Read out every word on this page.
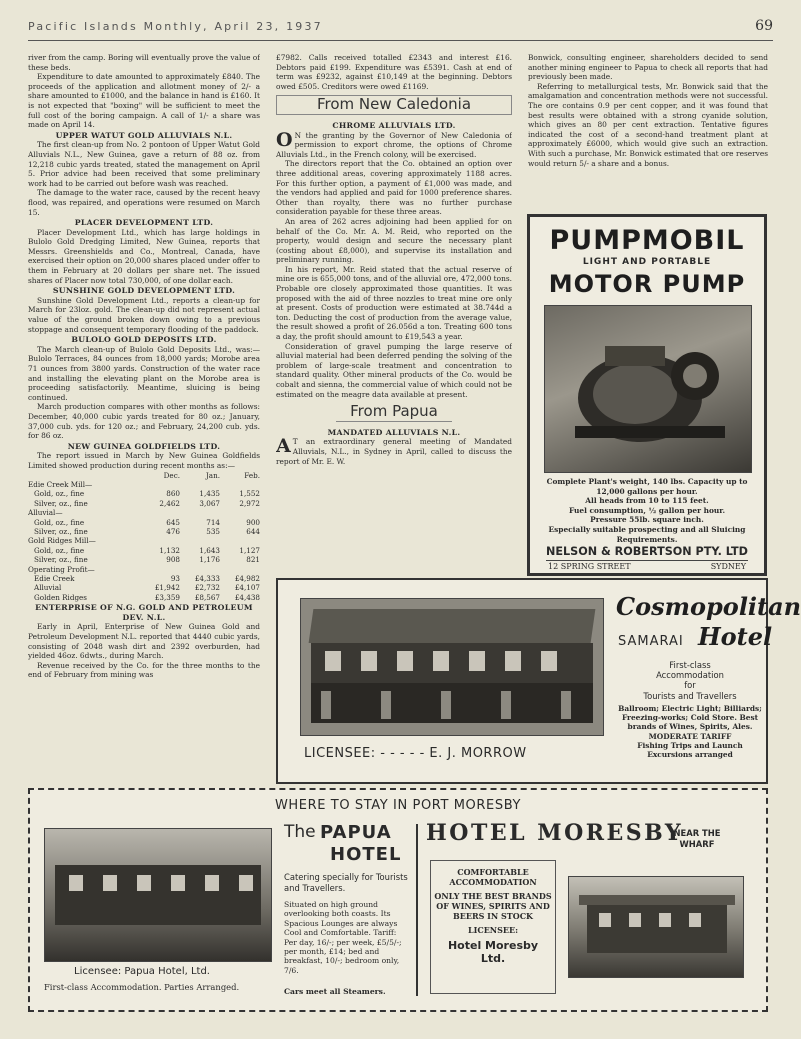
Pacific Islands Monthly, April 23, 1937	69

river from the camp. Boring will eventually prove the value of these beds.

Expenditure to date amounted to approximately £840. The proceeds of the application and allotment money of 2/- a share amounted to £1000, and the balance in hand is £160. It is not expected that "boxing" will be sufficient to meet the full cost of the boring campaign. A call of 1/- a share was made on April 14.

UPPER WATUT GOLD ALLUVIALS N.L.

The first clean-up from No. 2 pontoon of Upper Watut Gold Alluvials N.L., New Guinea, gave a return of 88 oz. from 12,218 cubic yards treated, stated the management on April 5. Prior advice had been received that some preliminary work had to be carried out before wash was reached.

The damage to the water race, caused by the recent heavy flood, was repaired, and operations were resumed on March 15.

PLACER DEVELOPMENT LTD.

Placer Development Ltd., which has large holdings in Bulolo Gold Dredging Limited, New Guinea, reports that Messrs. Greenshields and Co., Montreal, Canada, have exercised their option on 20,000 shares placed under offer to them in February at 20 dollars per share net. The issued shares of Placer now total 730,000, of one dollar each.

SUNSHINE GOLD DEVELOPMENT LTD.

Sunshine Gold Development Ltd., reports a clean-up for March for 23loz. gold. The clean-up did not represent actual value of the ground broken down owing to a previous stoppage and consequent temporary flooding of the paddock.

BULOLO GOLD DEPOSITS LTD.

The March clean-up of Bulolo Gold Deposits Ltd., was:—Bulolo Terraces, 84 ounces from 18,000 yards; Morobe area 71 ounces from 3800 yards. Construction of the water race and installing the elevating plant on the Morobe area is proceeding satisfactorily. Meantime, sluicing is being continued.

March production compares with other months as follows: December, 40,000 cubic yards treated for 80 oz.; January, 37,000 cub. yds. for 120 oz.; and February, 24,200 cub. yds. for 86 oz.

NEW GUINEA GOLDFIELDS LTD.

The report issued in March by New Guinea Goldfields Limited showed production during recent months as:—

	Dec.	Jan.	Feb.
Edie Creek Mill—			
Gold, oz., fine	860	1,435	1,552
Silver, oz., fine	2,462	3,067	2,972
Alluvial—			
Gold, oz., fine	645	714	900
Silver, oz., fine	476	535	644
Gold Ridges Mill—			
Gold, oz., fine	1,132	1,643	1,127
Silver, oz., fine	908	1,176	821
Operating Profit—			
Edie Creek	93	£4,333	£4,982
Alluvial	£1,942	£2,732	£4,107
Golden Ridges	£3,359	£8,567	£4,438
ENTERPRISE OF N.G. GOLD AND PETROLEUM DEV. N.L.

Early in April, Enterprise of New Guinea Gold and Petroleum Development N.L. reported that 4440 cubic yards, consisting of 2048 wash dirt and 2392 overburden, had yielded 46oz. 6dwts., during March.

Revenue received by the Co. for the three months to the end of February from mining was

£7982. Calls received totalled £2343 and interest £16. Debtors paid £199. Expenditure was £5391. Cash at end of term was £9232, against £10,149 at the beginning. Debtors owed £505. Creditors were owed £1169.

From New Caledonia
CHROME ALLUVIALS LTD.

O N the granting by the Governor of New Caledonia of permission to export chrome, the options of Chrome Alluvials Ltd., in the French colony, will be exercised.

The directors report that the Co. obtained an option over three additional areas, covering approximately 1188 acres. For this further option, a payment of £1,000 was made, and the vendors had applied and paid for 1000 preference shares. Other than royalty, there was no further purchase consideration payable for these three areas.

An area of 262 acres adjoining had been applied for on behalf of the Co. Mr. A. M. Reid, who reported on the property, would design and secure the necessary plant (costing about £8,000), and supervise its installation and preliminary running.

In his report, Mr. Reid stated that the actual reserve of mine ore is 655,000 tons, and of the alluvial ore, 472,000 tons. Probable ore closely approximated those quantities. It was proposed with the aid of three nozzles to treat mine ore only at present. Costs of production were estimated at 38.744d a ton. Deducting the cost of production from the average value, the result showed a profit of 26.056d a ton. Treating 600 tons a day, the profit should amount to £19,543 a year.

Consideration of gravel pumping the large reserve of alluvial material had been deferred pending the solving of the problem of large-scale treatment and concentration to standard quality. Other mineral products of the Co. would be cobalt and sienna, the commercial value of which could not be estimated on the meagre data available at present.

From Papua
MANDATED ALLUVIALS N.L.

A T an extraordinary general meeting of Mandated Alluvials, N.L., in Sydney in April, called to discuss the report of Mr. E. W.

Bonwick, consulting engineer, shareholders decided to send another mining engineer to Papua to check all reports that had previously been made.

Referring to metallurgical tests, Mr. Bonwick said that the amalgamation and concentration methods were not successful. The ore contains 0.9 per cent copper, and it was found that best results were obtained with a strong cyanide solution, which gives an 80 per cent extraction. Tentative figures indicated the cost of a second-hand treatment plant at approximately £6000, which would give such an extraction. With such a purchase, Mr. Bonwick estimated that ore reserves would return 5/- a share and a bonus.

PUMPMOBIL
LIGHT AND PORTABLE
MOTOR PUMP
Complete Plant's weight, 140 lbs. Capacity up to 12,000 gallons per hour.
All heads from 10 to 115 feet.
Fuel consumption, ½ gallon per hour.
Pressure 55lb. square inch.
Especially suitable prospecting and all Sluicing Requirements.
NELSON & ROBERTSON PTY. LTD
12 SPRING STREET	SYDNEY
LICENSEE: - - - - - E. J. MORROW
Cosmopolitan
SAMARAI Hotel
First-class
Accommodation
for
Tourists and Travellers
Ballroom; Electric Light; Billiards; Freezing-works; Cold Store. Best brands of Wines, Spirits, Ales.
MODERATE TARIFF
Fishing Trips and Launch Excursions arranged
WHERE TO STAY IN PORT MORESBY
Licensee: Papua Hotel, Ltd.
First-class Accommodation. Parties Arranged.
The PAPUA
HOTEL
Catering specially for Tourists and Travellers.
Situated on high ground overlooking both coasts. Its Spacious Lounges are always Cool and Comfortable. Tariff: Per day, 16/-; per week, £5/5/-; per month, £14; bed and breakfast, 10/-; bedroom only, 7/6.
Cars meet all Steamers.
HOTEL MORESBY
NEAR THE WHARF
COMFORTABLE ACCOMMODATION
ONLY THE BEST BRANDS OF WINES, SPIRITS AND BEERS IN STOCK
LICENSEE:
Hotel Moresby Ltd.
